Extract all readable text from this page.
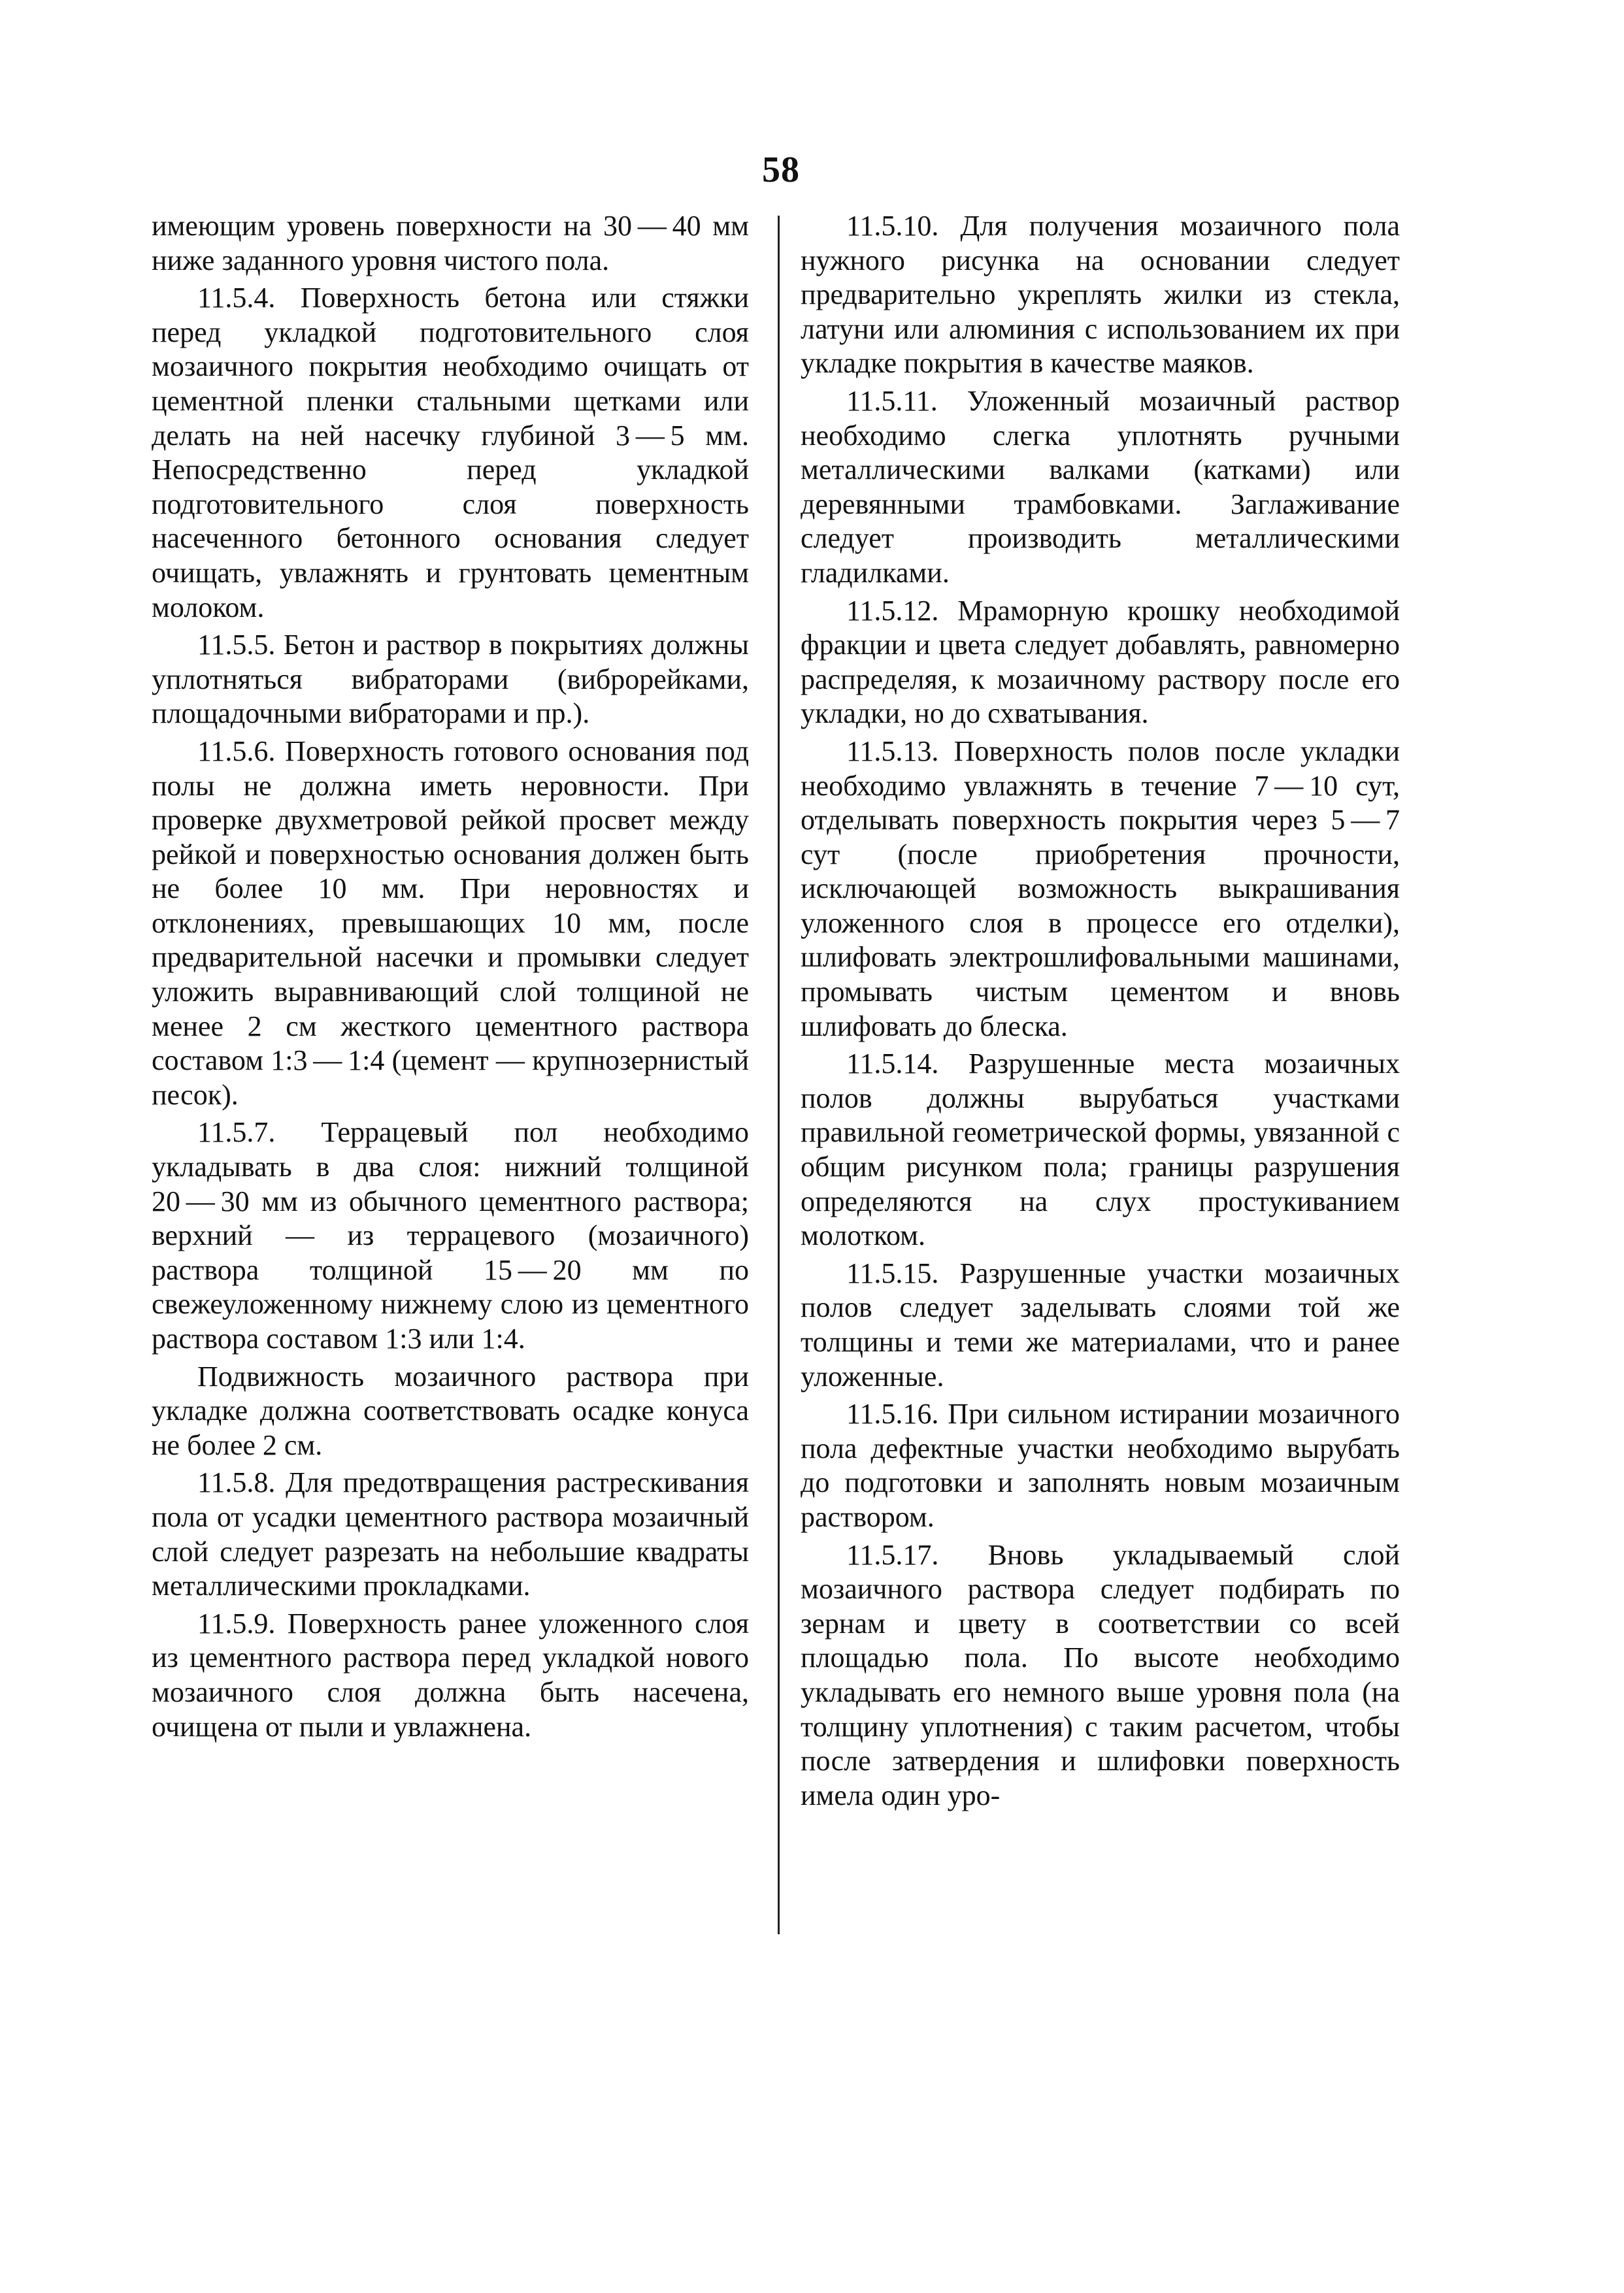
58

имеющим уровень поверхности на 30 — 40 мм ниже заданного уровня чистого пола.

11.5.4. Поверхность бетона или стяжки перед укладкой подготовительного слоя мозаичного покрытия необходимо очищать от цементной пленки стальными щетками или делать на ней насечку глубиной 3 — 5 мм. Непосредственно перед укладкой подготовительного слоя поверхность насеченного бетонного основания следует очищать, увлажнять и грунтовать цементным молоком.

11.5.5. Бетон и раствор в покрытиях должны уплотняться вибраторами (виброрейками, площадочными вибраторами и пр.).

11.5.6. Поверхность готового основания под полы не должна иметь неровности. При проверке двухметровой рейкой просвет между рейкой и поверхностью основания должен быть не более 10 мм. При неровностях и отклонениях, превышающих 10 мм, после предварительной насечки и промывки следует уложить выравнивающий слой толщиной не менее 2 см жесткого цементного раствора составом 1:3 — 1:4 (цемент — крупнозернистый песок).

11.5.7. Террацевый пол необходимо укладывать в два слоя: нижний толщиной 20 — 30 мм из обычного цементного раствора; верхний — из террацевого (мозаичного) раствора толщиной 15 — 20 мм по свежеуложенному нижнему слою из цементного раствора составом 1:3 или 1:4.

Подвижность мозаичного раствора при укладке должна соответствовать осадке конуса не более 2 см.

11.5.8. Для предотвращения растрескивания пола от усадки цементного раствора мозаичный слой следует разрезать на небольшие квадраты металлическими прокладками.

11.5.9. Поверхность ранее уложенного слоя из цементного раствора перед укладкой нового мозаичного слоя должна быть насечена, очищена от пыли и увлажнена.

11.5.10. Для получения мозаичного пола нужного рисунка на основании следует предварительно укреплять жилки из стекла, латуни или алюминия с использованием их при укладке покрытия в качестве маяков.

11.5.11. Уложенный мозаичный раствор необходимо слегка уплотнять ручными металлическими валками (катками) или деревянными трамбовками. Заглаживание следует производить металлическими гладилками.

11.5.12. Мраморную крошку необходимой фракции и цвета следует добавлять, равномерно распределяя, к мозаичному раствору после его укладки, но до схватывания.

11.5.13. Поверхность полов после укладки необходимо увлажнять в течение 7 — 10 сут, отделывать поверхность покрытия через 5 — 7 сут (после приобретения прочности, исключающей возможность выкрашивания уложенного слоя в процессе его отделки), шлифовать электрошлифовальными машинами, промывать чистым цементом и вновь шлифовать до блеска.

11.5.14. Разрушенные места мозаичных полов должны вырубаться участками правильной геометрической формы, увязанной с общим рисунком пола; границы разрушения определяются на слух простукиванием молотком.

11.5.15. Разрушенные участки мозаичных полов следует заделывать слоями той же толщины и теми же материалами, что и ранее уложенные.

11.5.16. При сильном истирании мозаичного пола дефектные участки необходимо вырубать до подготовки и заполнять новым мозаичным раствором.

11.5.17. Вновь укладываемый слой мозаичного раствора следует подбирать по зернам и цвету в соответствии со всей площадью пола. По высоте необходимо укладывать его немного выше уровня пола (на толщину уплотнения) с таким расчетом, чтобы после затвердения и шлифовки поверхность имела один уро-
